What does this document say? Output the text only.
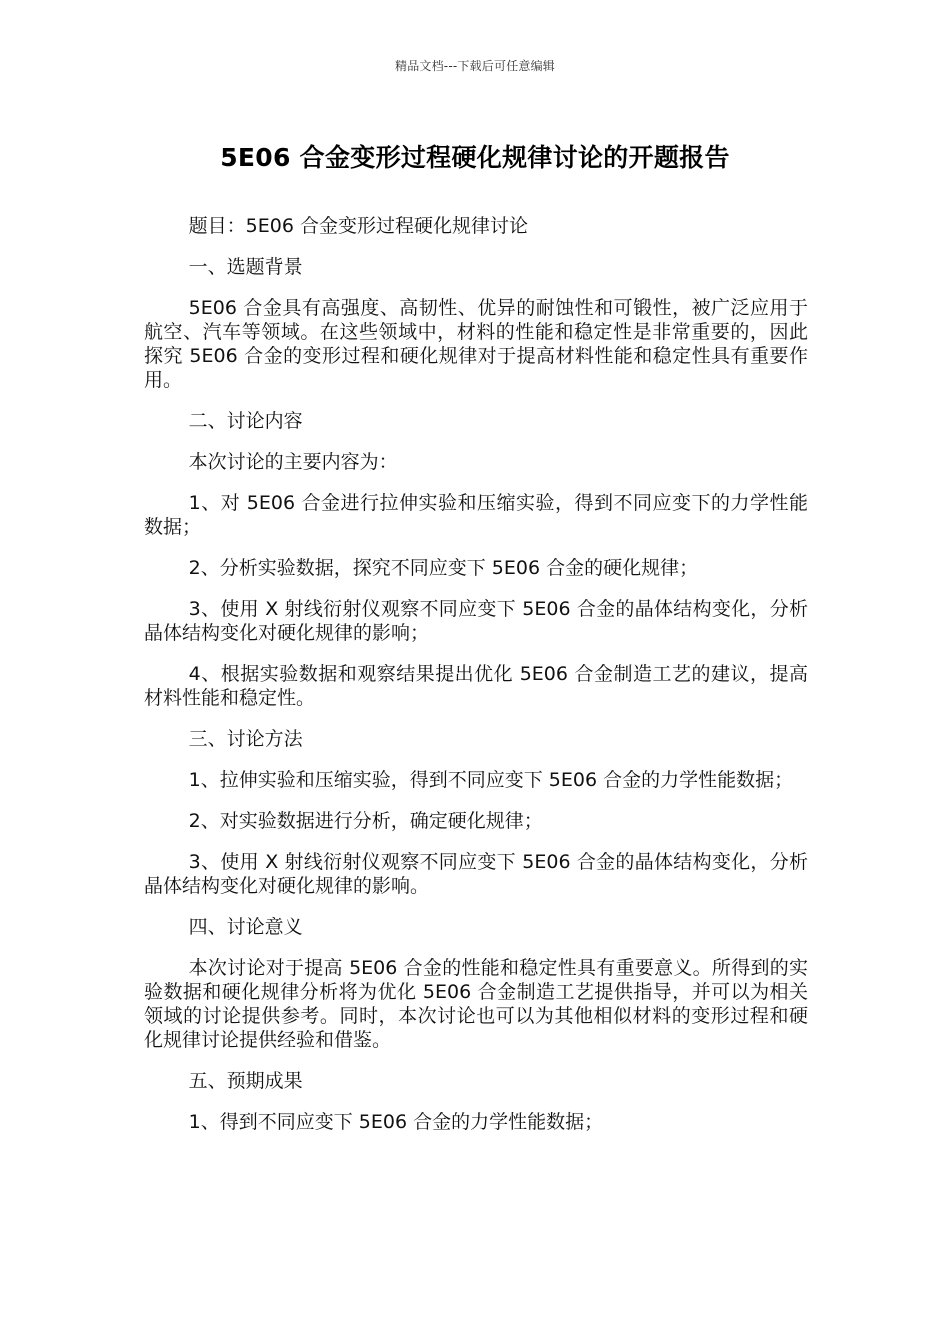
精品文档---下载后可任意编辑
5E06 合金变形过程硬化规律讨论的开题报告

题目：5E06 合金变形过程硬化规律讨论

一、选题背景

5E06 合金具有高强度、高韧性、优异的耐蚀性和可锻性，被广泛应用于航空、汽车等领域。在这些领域中，材料的性能和稳定性是非常重要的，因此探究 5E06 合金的变形过程和硬化规律对于提高材料性能和稳定性具有重要作用。

二、讨论内容

本次讨论的主要内容为：

1、对 5E06 合金进行拉伸实验和压缩实验，得到不同应变下的力学性能数据；

2、分析实验数据，探究不同应变下 5E06 合金的硬化规律；

3、使用 X 射线衍射仪观察不同应变下 5E06 合金的晶体结构变化，分析晶体结构变化对硬化规律的影响；

4、根据实验数据和观察结果提出优化 5E06 合金制造工艺的建议，提高材料性能和稳定性。

三、讨论方法

1、拉伸实验和压缩实验，得到不同应变下 5E06 合金的力学性能数据；

2、对实验数据进行分析，确定硬化规律；

3、使用 X 射线衍射仪观察不同应变下 5E06 合金的晶体结构变化，分析晶体结构变化对硬化规律的影响。

四、讨论意义

本次讨论对于提高 5E06 合金的性能和稳定性具有重要意义。所得到的实验数据和硬化规律分析将为优化 5E06 合金制造工艺提供指导，并可以为相关领域的讨论提供参考。同时，本次讨论也可以为其他相似材料的变形过程和硬化规律讨论提供经验和借鉴。

五、预期成果

1、得到不同应变下 5E06 合金的力学性能数据；
